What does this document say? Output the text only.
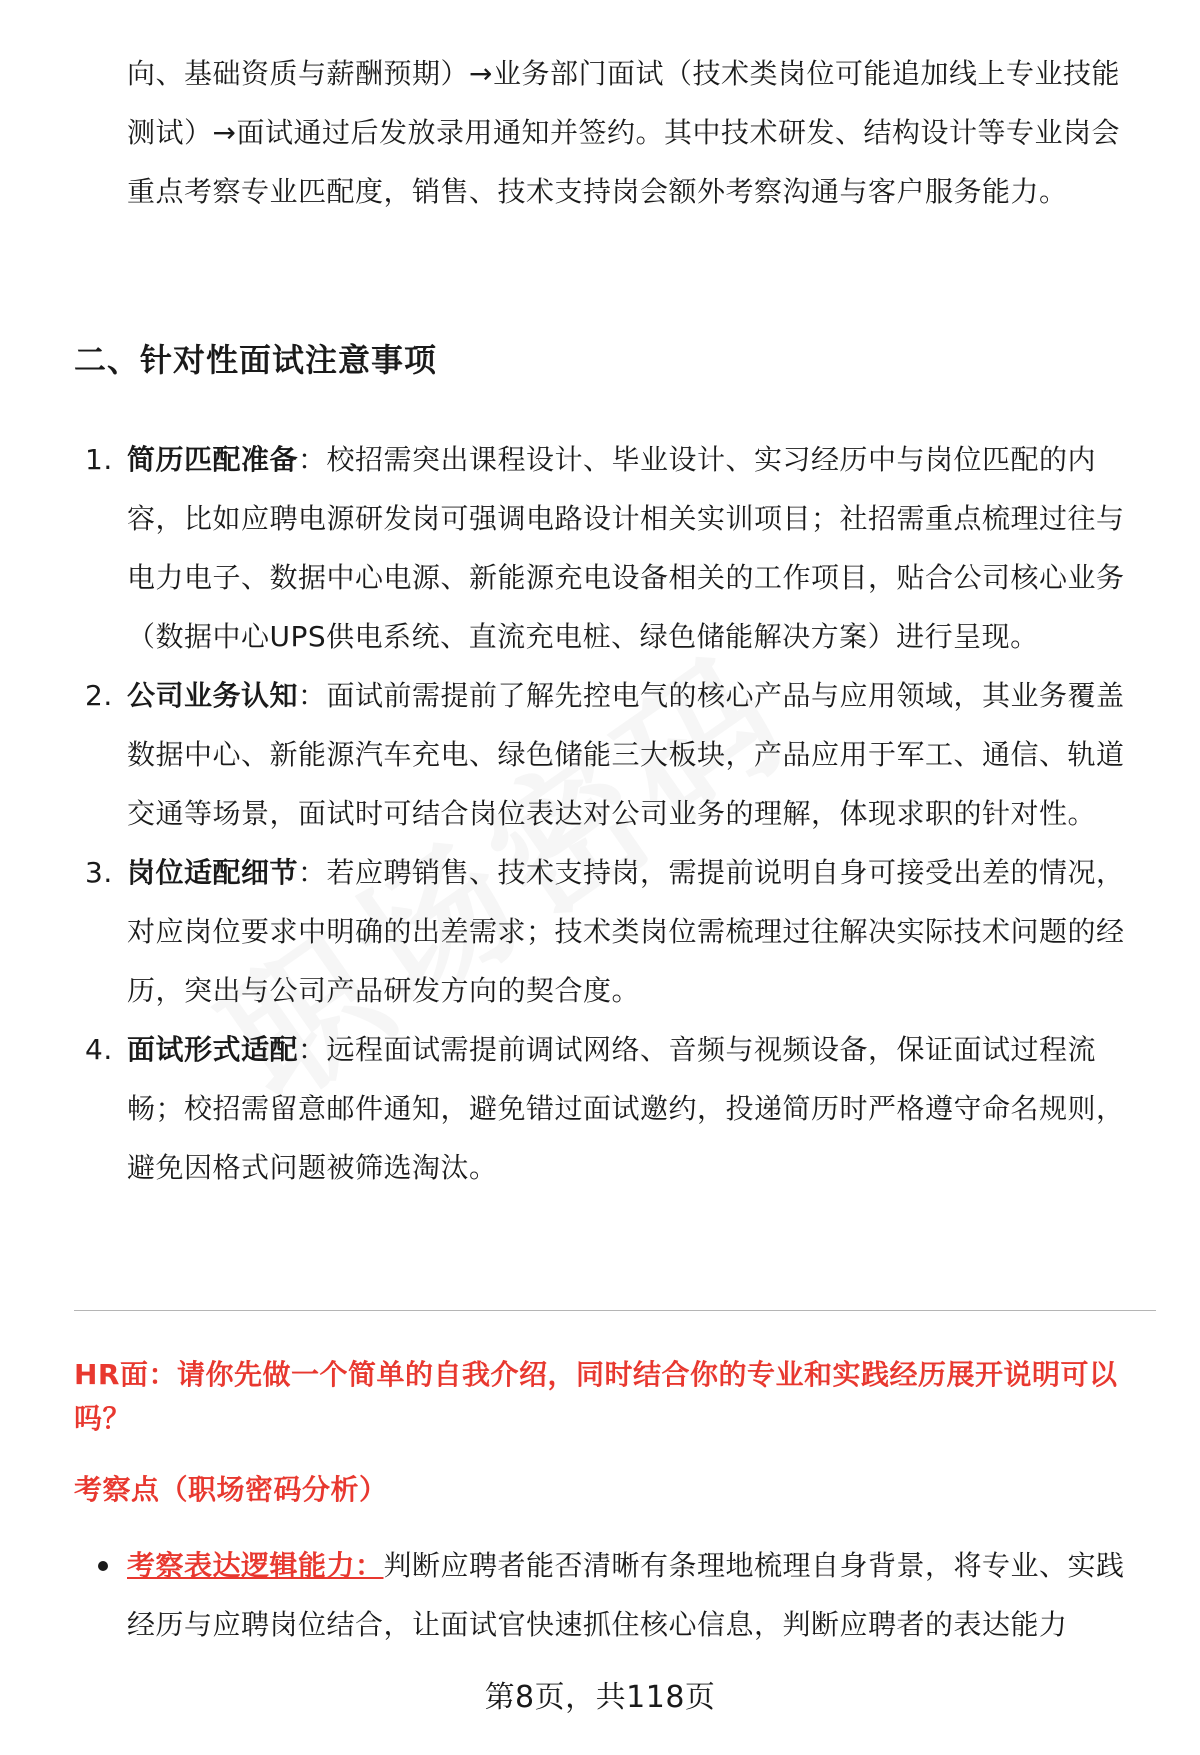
向、基础资质与薪酬预期）→业务部门面试（技术类岗位可能追加线上专业技能测试）→面试通过后发放录用通知并签约。其中技术研发、结构设计等专业岗会重点考察专业匹配度，销售、技术支持岗会额外考察沟通与客户服务能力。
二、针对性面试注意事项
1. 简历匹配准备：校招需突出课程设计、毕业设计、实习经历中与岗位匹配的内容，比如应聘电源研发岗可强调电路设计相关实训项目；社招需重点梳理过往与电力电子、数据中心电源、新能源充电设备相关的工作项目，贴合公司核心业务（数据中心UPS供电系统、直流充电桩、绿色储能解决方案）进行呈现。
2. 公司业务认知：面试前需提前了解先控电气的核心产品与应用领域，其业务覆盖数据中心、新能源汽车充电、绿色储能三大板块，产品应用于军工、通信、轨道交通等场景，面试时可结合岗位表达对公司业务的理解，体现求职的针对性。
3. 岗位适配细节：若应聘销售、技术支持岗，需提前说明自身可接受出差的情况，对应岗位要求中明确的出差需求；技术类岗位需梳理过往解决实际技术问题的经历，突出与公司产品研发方向的契合度。
4. 面试形式适配：远程面试需提前调试网络、音频与视频设备，保证面试过程流畅；校招需留意邮件通知，避免错过面试邀约，投递简历时严格遵守命名规则，避免因格式问题被筛选淘汰。
HR面：请你先做一个简单的自我介绍，同时结合你的专业和实践经历展开说明可以吗？
考察点（职场密码分析）
考察表达逻辑能力：判断应聘者能否清晰有条理地梳理自身背景，将专业、实践经历与应聘岗位结合，让面试官快速抓住核心信息，判断应聘者的表达能力
第8页，共118页
